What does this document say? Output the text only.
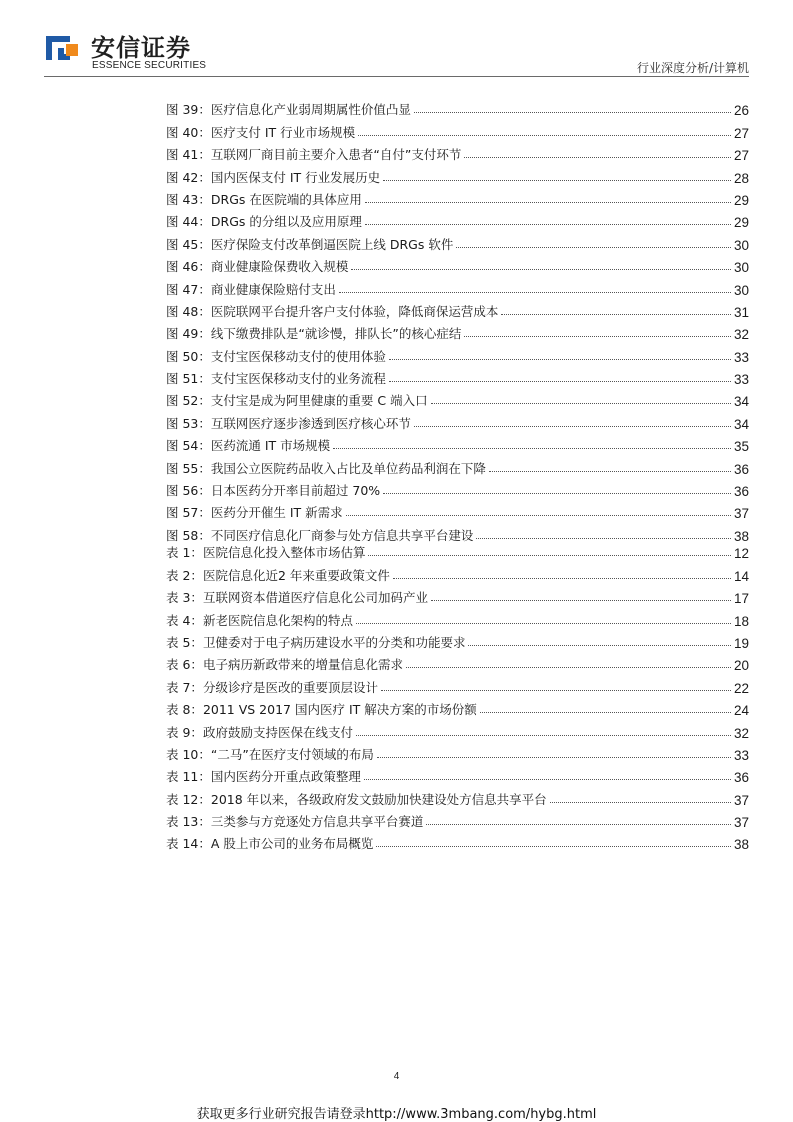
安信证券
ESSENCE SECURITIES	行业深度分析/计算机
图 39： 医疗信息化产业弱周期属性价值凸显	26
图 40： 医疗支付 IT 行业市场规模	27
图 41： 互联网厂商目前主要介入患者“自付”支付环节	27
图 42： 国内医保支付 IT 行业发展历史	28
图 43： DRGs 在医院端的具体应用	29
图 44： DRGs 的分组以及应用原理	29
图 45： 医疗保险支付改革倒逼医院上线 DRGs 软件	30
图 46： 商业健康险保费收入规模	30
图 47： 商业健康保险赔付支出	30
图 48： 医院联网平台提升客户支付体验，降低商保运营成本	31
图 49： 线下缴费排队是“就诊慢，排队长”的核心症结	32
图 50： 支付宝医保移动支付的使用体验	33
图 51： 支付宝医保移动支付的业务流程	33
图 52： 支付宝是成为阿里健康的重要 C 端入口	34
图 53： 互联网医疗逐步渗透到医疗核心环节	34
图 54： 医药流通 IT 市场规模	35
图 55： 我国公立医院药品收入占比及单位药品利润在下降	36
图 56： 日本医药分开率目前超过 70%	36
图 57： 医药分开催生 IT 新需求	37
图 58： 不同医疗信息化厂商参与处方信息共享平台建设	38
表 1： 医院信息化投入整体市场估算	12
表 2： 医院信息化近2 年来重要政策文件	14
表 3： 互联网资本借道医疗信息化公司加码产业	17
表 4： 新老医院信息化架构的特点	18
表 5： 卫健委对于电子病历建设水平的分类和功能要求	19
表 6： 电子病历新政带来的增量信息化需求	20
表 7： 分级诊疗是医改的重要顶层设计	22
表 8： 2011 VS 2017 国内医疗 IT 解决方案的市场份额	24
表 9： 政府鼓励支持医保在线支付	32
表 10： “二马”在医疗支付领域的布局	33
表 11： 国内医药分开重点政策整理	36
表 12： 2018 年以来，各级政府发文鼓励加快建设处方信息共享平台	37
表 13： 三类参与方竞逐处方信息共享平台赛道	37
表 14： A 股上市公司的业务布局概览	38
4
获取更多行业研究报告请登录http://www.3mbang.com/hybg.html
